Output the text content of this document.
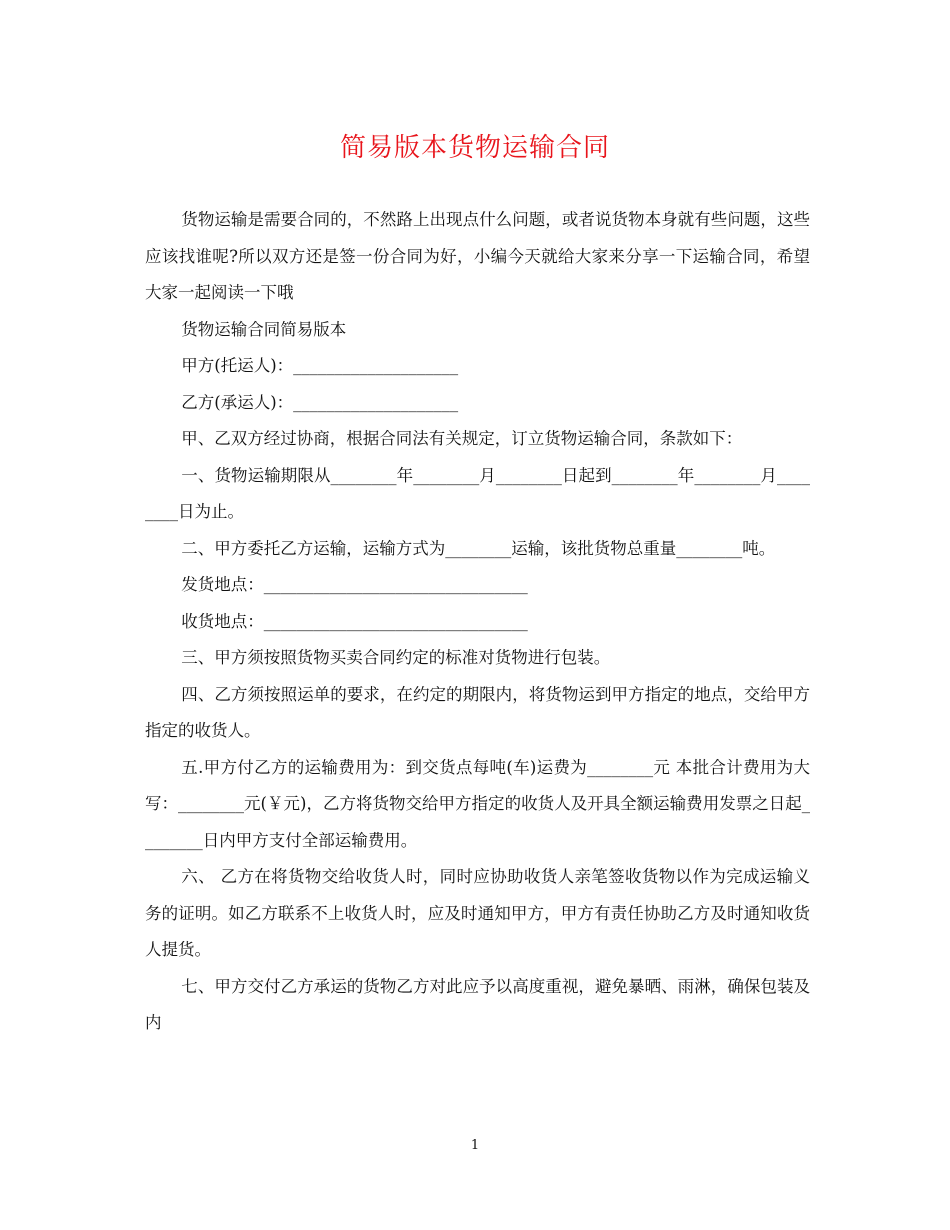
简易版本货物运输合同

货物运输是需要合同的，不然路上出现点什么问题，或者说货物本身就有些问题，这些应该找谁呢?所以双方还是签一份合同为好，小编今天就给大家来分享一下运输合同，希望大家一起阅读一下哦

货物运输合同简易版本

甲方(托运人)：____________________

乙方(承运人)：____________________

甲、乙双方经过协商，根据合同法有关规定，订立货物运输合同，条款如下：

一、货物运输期限从________年________月________日起到________年________月________日为止。

二、甲方委托乙方运输，运输方式为________运输，该批货物总重量________吨。

发货地点：________________________________

收货地点：________________________________

三、甲方须按照货物买卖合同约定的标准对货物进行包装。

四、乙方须按照运单的要求，在约定的期限内，将货物运到甲方指定的地点，交给甲方指定的收货人。

五.甲方付乙方的运输费用为：到交货点每吨(车)运费为________元 本批合计费用为大写：________元(￥元)，乙方将货物交给甲方指定的收货人及开具全额运输费用发票之日起________日内甲方支付全部运输费用。

六、 乙方在将货物交给收货人时，同时应协助收货人亲笔签收货物以作为完成运输义务的证明。如乙方联系不上收货人时，应及时通知甲方，甲方有责任协助乙方及时通知收货人提货。

七、甲方交付乙方承运的货物乙方对此应予以高度重视，避免暴晒、雨淋，确保包装及内

1
